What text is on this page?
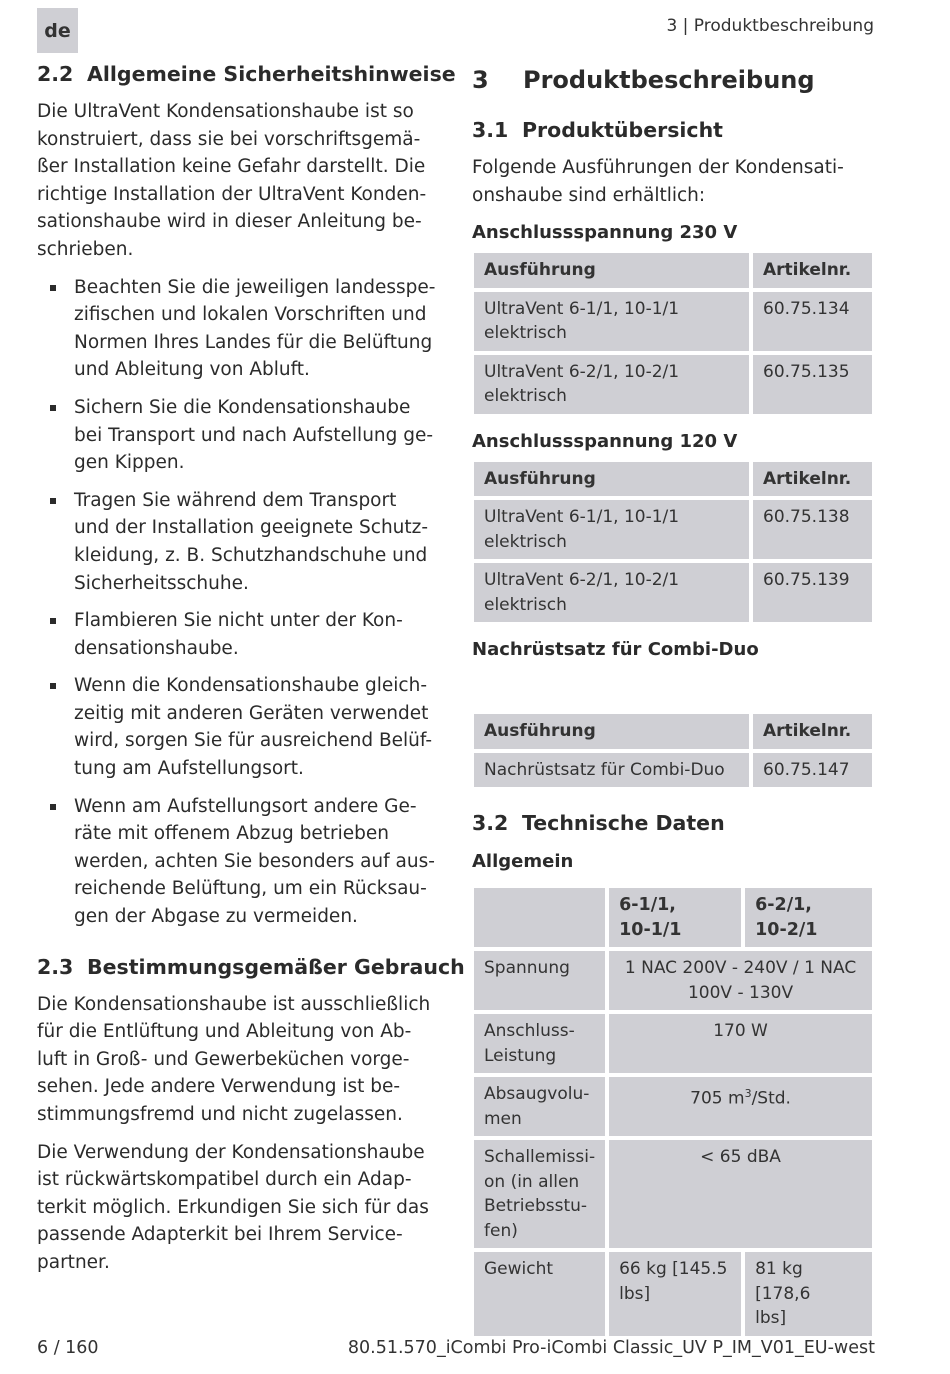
de	3 | Produktbeschreibung
2.2 Allgemeine Sicherheitshinweise

Die UltraVent Kondensationshaube ist so
konstruiert, dass sie bei vorschriftsgemä-
ßer Installation keine Gefahr darstellt. Die
richtige Installation der UltraVent Konden-
sationshaube wird in dieser Anleitung be-
schrieben.

Beachten Sie die jeweiligen landesspe-
zifischen und lokalen Vorschriften und
Normen Ihres Landes für die Belüftung
und Ableitung von Abluft.
Sichern Sie die Kondensationshaube
bei Transport und nach Aufstellung ge-
gen Kippen.
Tragen Sie während dem Transport
und der Installation geeignete Schutz-
kleidung, z. B. Schutzhandschuhe und
Sicherheitsschuhe.
Flambieren Sie nicht unter der Kon-
densationshaube.
Wenn die Kondensationshaube gleich-
zeitig mit anderen Geräten verwendet
wird, sorgen Sie für ausreichend Belüf-
tung am Aufstellungsort.
Wenn am Aufstellungsort andere Ge-
räte mit offenem Abzug betrieben
werden, achten Sie besonders auf aus-
reichende Belüftung, um ein Rücksau-
gen der Abgase zu vermeiden.
2.3 Bestimmungsgemäßer Gebrauch

Die Kondensationshaube ist ausschließlich
für die Entlüftung und Ableitung von Ab-
luft in Groß- und Gewerbeküchen vorge-
sehen. Jede andere Verwendung ist be-
stimmungsfremd und nicht zugelassen.

Die Verwendung der Kondensationshaube
ist rückwärtskompatibel durch ein Adap-
terkit möglich. Erkundigen Sie sich für das
passende Adapterkit bei Ihrem Service-
partner.

3 Produktbeschreibung
3.1 Produktübersicht

Folgende Ausführungen der Kondensati-
onshaube sind erhältlich:

Anschlussspannung 230 V

Ausführung	Artikelnr.
UltraVent 6-1/1, 10-1/1
elektrisch	60.75.134
UltraVent 6-2/1, 10-2/1
elektrisch	60.75.135

Anschlussspannung 120 V

Ausführung	Artikelnr.
UltraVent 6-1/1, 10-1/1
elektrisch	60.75.138
UltraVent 6-2/1, 10-2/1
elektrisch	60.75.139

Nachrüstsatz für Combi-Duo

Ausführung	Artikelnr.
Nachrüstsatz für Combi-Duo	60.75.147
3.2 Technische Daten

Allgemein

	6-1/1,
10-1/1	6-2/1,
10-2/1
Spannung	1 NAC 200V - 240V / 1 NAC
100V - 130V	
Anschluss-
Leistung	170 W	
Absaugvolu-
men	705 $m^3$/Std.	
Schallemissi-
on (in allen
Betriebsstu-
fen)	< 65 dBA	
Gewicht	66 kg [145.5
lbs]	81 kg [178,6
lbs]
6 / 160	80.51.570_iCombi Pro-iCombi Classic_UV P_IM_V01_EU-west
